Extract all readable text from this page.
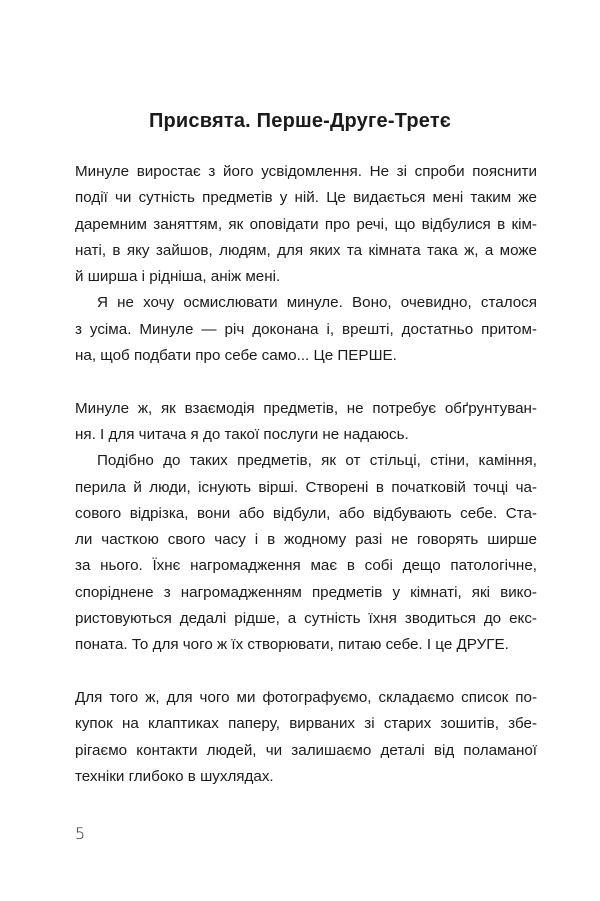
Присвята. Перше-Друге-Третє
Минуле виростає з його усвідомлення. Не зі спроби пояснити
події чи сутність предметів у ній. Це видається мені таким же
даремним заняттям, як оповідати про речі, що відбулися в кім-
наті, в яку зайшов, людям, для яких та кімната така ж, а може
й ширша і рідніша, аніж мені.
Я не хочу осмислювати минуле. Воно, очевидно, сталося
з усіма. Минуле — річ доконана і, врешті, достатньо притом-
на, щоб подбати про себе само... Це ПЕРШЕ.
Минуле ж, як взаємодія предметів, не потребує обґрунтуван-
ня. І для читача я до такої послуги не надаюсь.
Подібно до таких предметів, як от стільці, стіни, каміння,
перила й люди, існують вірші. Створені в початковій точці ча-
сового відрізка, вони або відбули, або відбувають себе. Ста-
ли часткою свого часу і в жодному разі не говорять ширше
за нього. Їхнє нагромадження має в собі дещо патологічне,
споріднене з нагромадженням предметів у кімнаті, які вико-
ристовуються дедалі рідше, а сутність їхня зводиться до екс-
поната. То для чого ж їх створювати, питаю себе. І це ДРУГЕ.
Для того ж, для чого ми фотографуємо, складаємо список по-
купок на клаптиках паперу, вирваних зі старих зошитів, збе-
рігаємо контакти людей, чи залишаємо деталі від поламаної
техніки глибоко в шухлядах.
5
